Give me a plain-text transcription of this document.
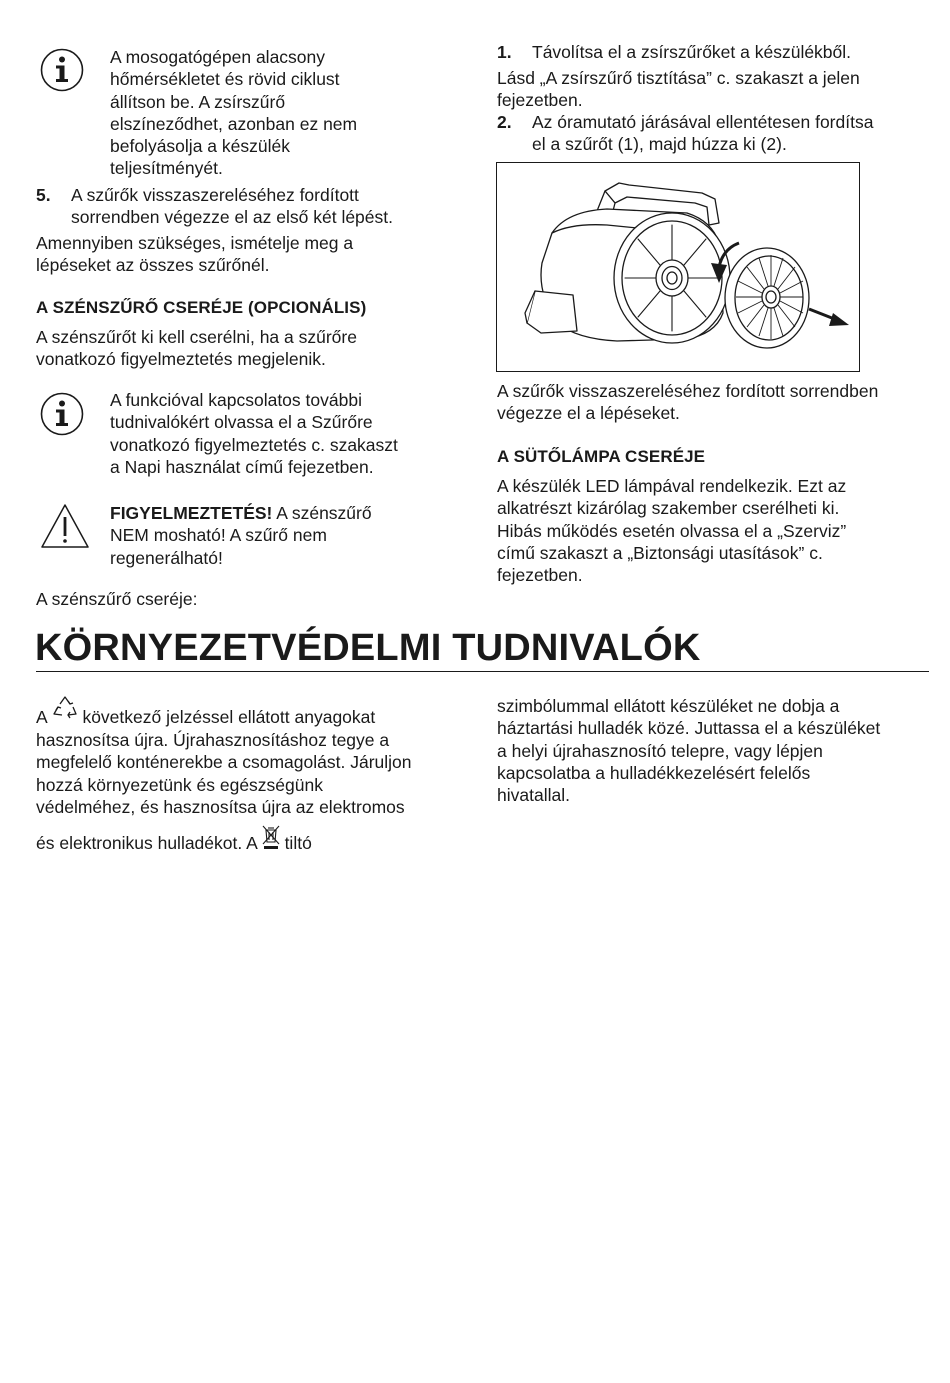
A mosogatógépen alacsony

hőmérsékletet és rövid ciklust

állítson be. A zsírszűrő

elszíneződhet, azonban ez nem

befolyásolja a készülék

teljesítményét.

5. A szűrők visszaszereléséhez fordított

sorrendben végezze el az első két lépést.

Amennyiben szükséges, ismételje meg a

lépéseket az összes szűrőnél.

A SZÉNSZŰRŐ CSERÉJE (OPCIONÁLIS)

A szénszűrőt ki kell cserélni, ha a szűrőre

vonatkozó figyelmeztetés megjelenik.

A funkcióval kapcsolatos további

tudnivalókért olvassa el a Szűrőre

vonatkozó figyelmeztetés c. szakaszt

a Napi használat című fejezetben.

FIGYELMEZTETÉS! A szénszűrő

NEM mosható! A szűrő nem

regenerálható!

A szénszűrő cseréje:
1. Távolítsa el a zsírszűrőket a készülékből.

Lásd „A zsírszűrő tisztítása” c. szakaszt a jelen

fejezetben.

2. Az óramutató járásával ellentétesen fordítsa

el a szűrőt (1), majd húzza ki (2).

A szűrők visszaszereléséhez fordított sorrendben

végezze el a lépéseket.

A SÜTŐLÁMPA CSERÉJE

A készülék LED lámpával rendelkezik. Ezt az

alkatrészt kizárólag szakember cserélheti ki.

Hibás működés esetén olvassa el a „Szerviz”

című szakaszt a „Biztonsági utasítások” c.

fejezetben.

KÖRNYEZETVÉDELMI TUDNIVALÓK

A  következő jelzéssel ellátott anyagokat

hasznosítsa újra. Újrahasznosításhoz tegye a

megfelelő konténerekbe a csomagolást. Járuljon

hozzá környezetünk és egészségünk

védelméhez, és hasznosítsa újra az elektromos

és elektronikus hulladékot. A  tiltó

szimbólummal ellátott készüléket ne dobja a

háztartási hulladék közé. Juttassa el a készüléket

a helyi újrahasznosító telepre, vagy lépjen

kapcsolatba a hulladékkezelésért felelős

hivatallal.
